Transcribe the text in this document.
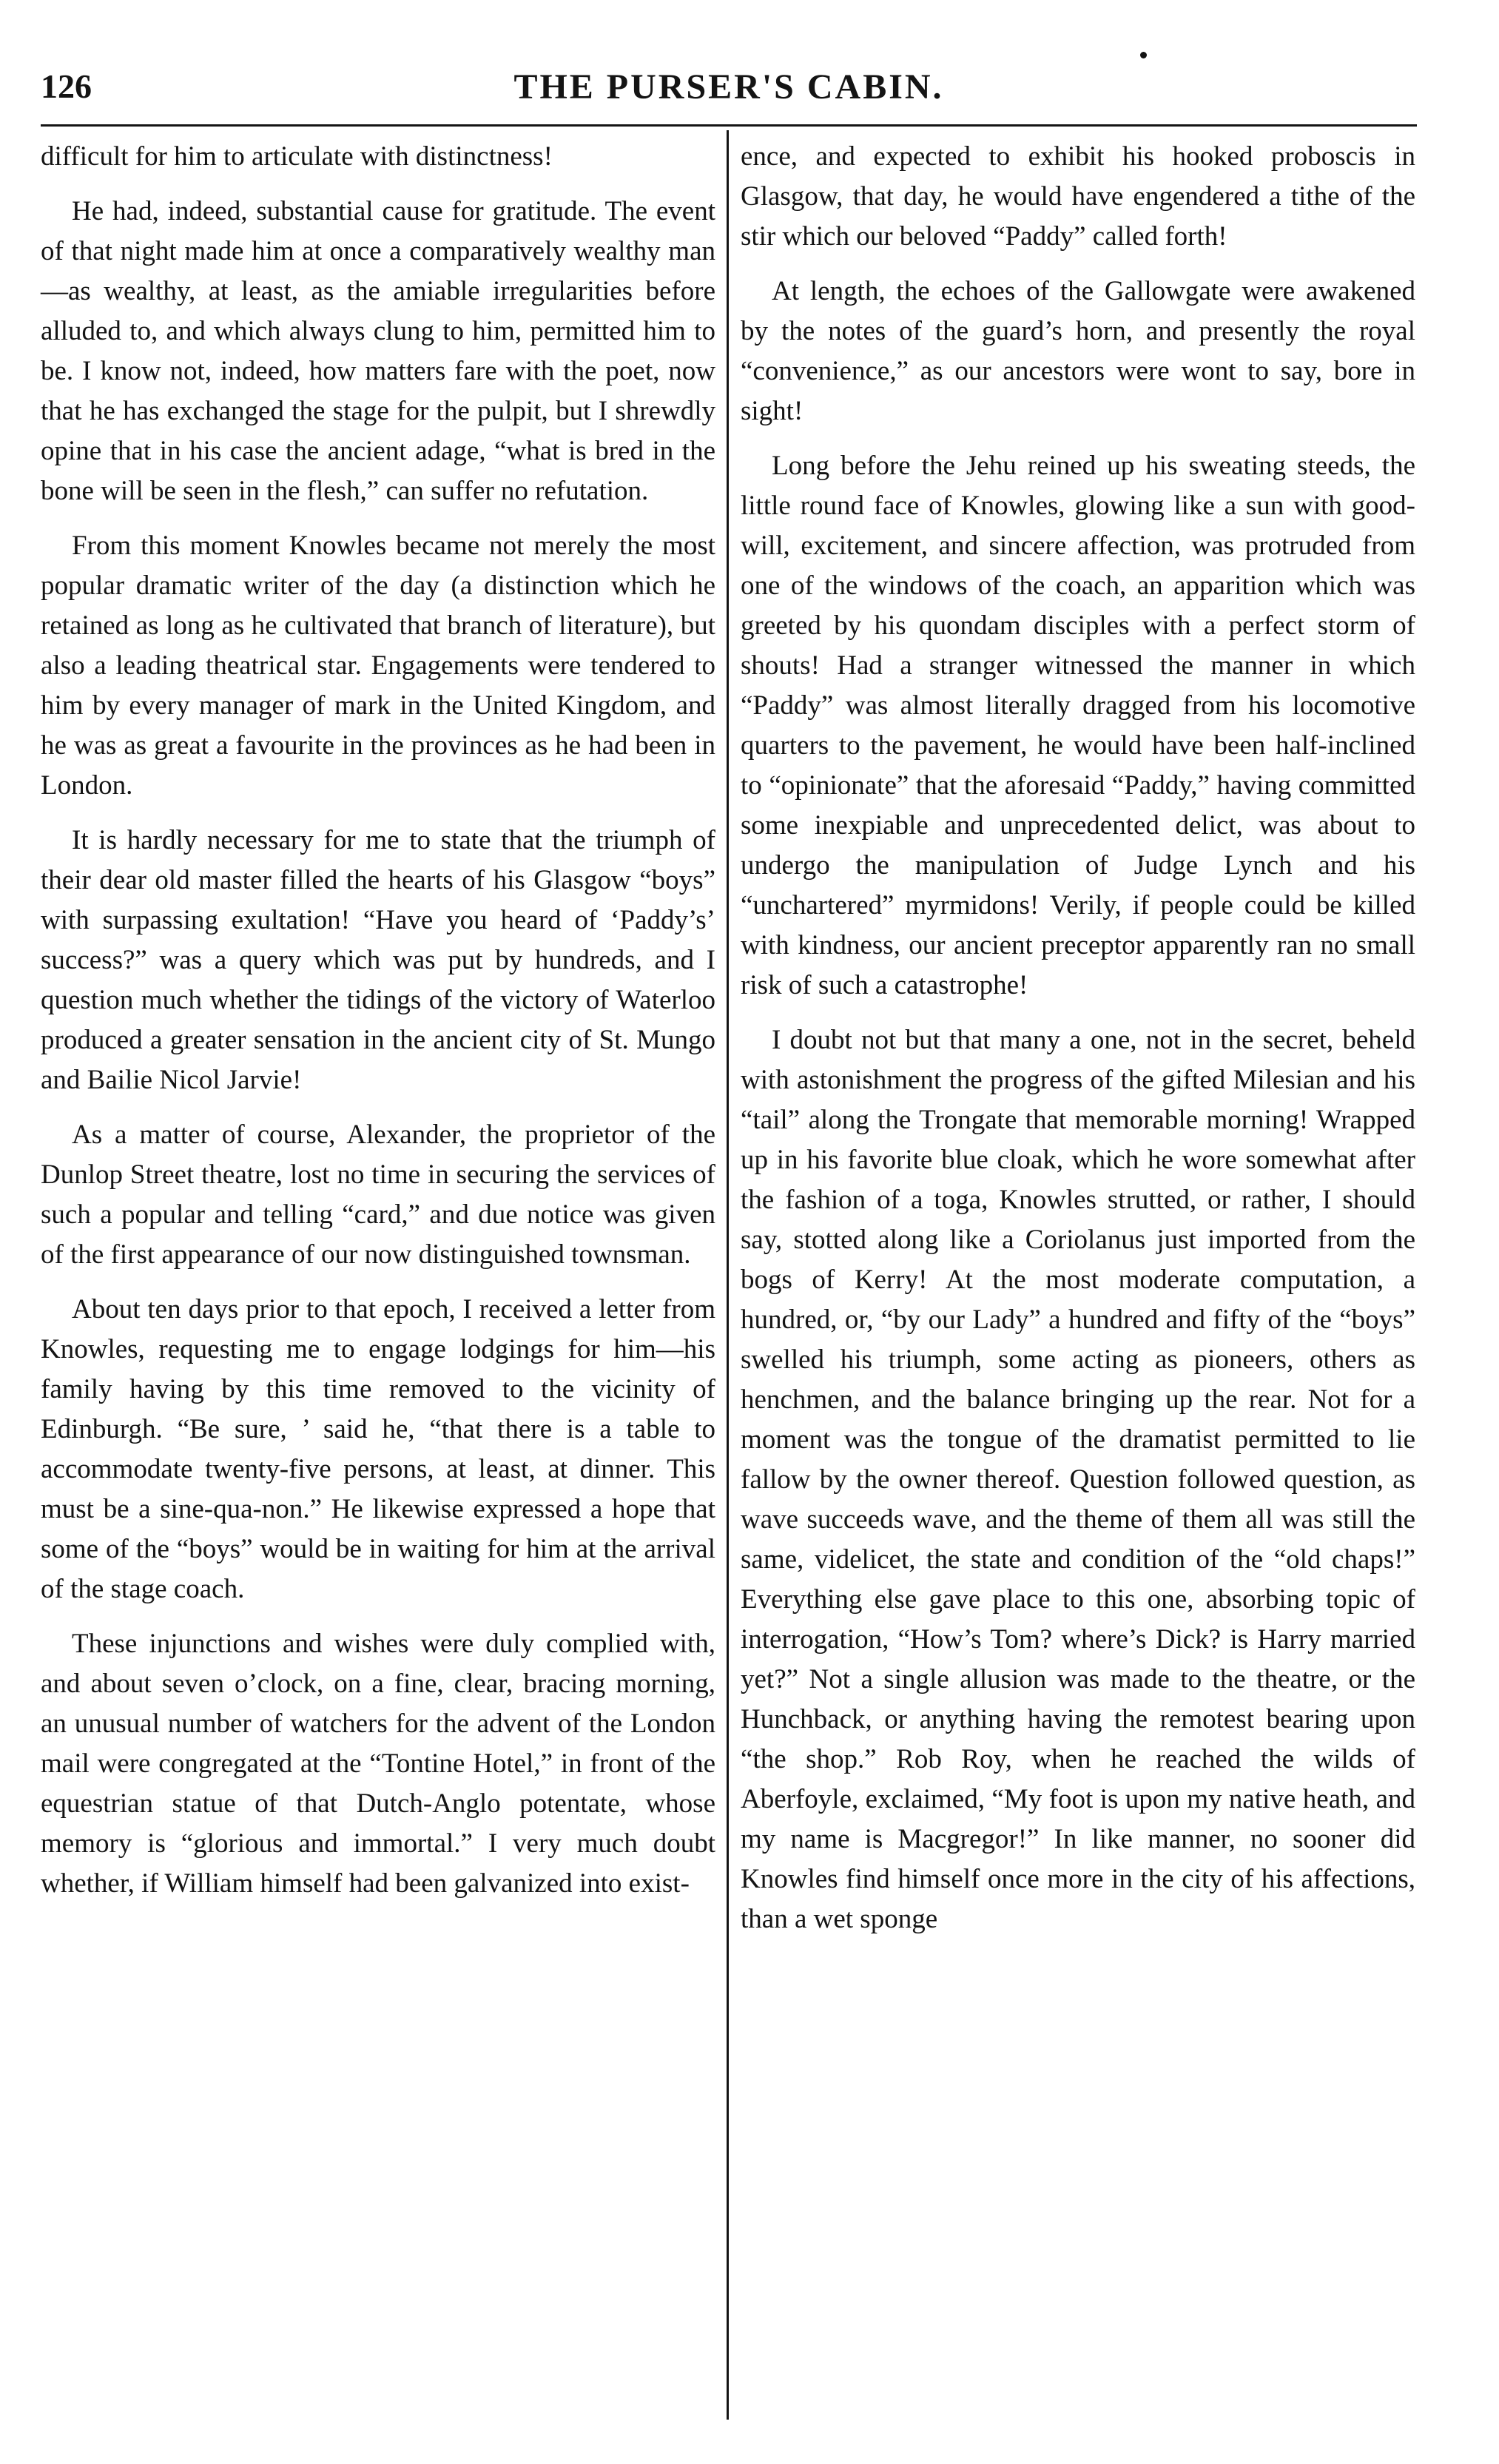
126	THE PURSER'S CABIN.

difficult for him to articulate with distinctness!

He had, indeed, substantial cause for gratitude. The event of that night made him at once a comparatively wealthy man—as wealthy, at least, as the amiable irregularities before alluded to, and which always clung to him, permitted him to be. I know not, indeed, how matters fare with the poet, now that he has exchanged the stage for the pulpit, but I shrewdly opine that in his case the ancient adage, “what is bred in the bone will be seen in the flesh,” can suffer no refutation.

From this moment Knowles became not merely the most popular dramatic writer of the day (a distinction which he retained as long as he cultivated that branch of literature), but also a leading theatrical star. Engagements were tendered to him by every manager of mark in the United Kingdom, and he was as great a favourite in the provinces as he had been in London.

It is hardly necessary for me to state that the triumph of their dear old master filled the hearts of his Glasgow “boys” with surpassing exultation! “Have you heard of ‘Paddy’s’ success?” was a query which was put by hundreds, and I question much whether the tidings of the victory of Waterloo produced a greater sensation in the ancient city of St. Mungo and Bailie Nicol Jarvie!

As a matter of course, Alexander, the proprietor of the Dunlop Street theatre, lost no time in securing the services of such a popular and telling “card,” and due notice was given of the first appearance of our now distinguished townsman.

About ten days prior to that epoch, I received a letter from Knowles, requesting me to engage lodgings for him—his family having by this time removed to the vicinity of Edinburgh. “Be sure, ’ said he, “that there is a table to accommodate twenty-five persons, at least, at dinner. This must be a sine-qua-non.” He likewise expressed a hope that some of the “boys” would be in waiting for him at the arrival of the stage coach.

These injunctions and wishes were duly complied with, and about seven o’clock, on a fine, clear, bracing morning, an unusual number of watchers for the advent of the London mail were congregated at the “Tontine Hotel,” in front of the equestrian statue of that Dutch-Anglo potentate, whose memory is “glorious and immortal.” I very much doubt whether, if William himself had been galvanized into exist-

ence, and expected to exhibit his hooked proboscis in Glasgow, that day, he would have engendered a tithe of the stir which our beloved “Paddy” called forth!

At length, the echoes of the Gallowgate were awakened by the notes of the guard’s horn, and presently the royal “convenience,” as our ancestors were wont to say, bore in sight!

Long before the Jehu reined up his sweating steeds, the little round face of Knowles, glowing like a sun with good-will, excitement, and sincere affection, was protruded from one of the windows of the coach, an apparition which was greeted by his quondam disciples with a perfect storm of shouts! Had a stranger witnessed the manner in which “Paddy” was almost literally dragged from his locomotive quarters to the pavement, he would have been half-inclined to “opinionate” that the aforesaid “Paddy,” having committed some inexpiable and unprecedented delict, was about to undergo the manipulation of Judge Lynch and his “unchartered” myrmidons! Verily, if people could be killed with kindness, our ancient preceptor apparently ran no small risk of such a catastrophe!

I doubt not but that many a one, not in the secret, beheld with astonishment the progress of the gifted Milesian and his “tail” along the Trongate that memorable morning! Wrapped up in his favorite blue cloak, which he wore somewhat after the fashion of a toga, Knowles strutted, or rather, I should say, stotted along like a Coriolanus just imported from the bogs of Kerry! At the most moderate computation, a hundred, or, “by our Lady” a hundred and fifty of the “boys” swelled his triumph, some acting as pioneers, others as henchmen, and the balance bringing up the rear. Not for a moment was the tongue of the dramatist permitted to lie fallow by the owner thereof. Question followed question, as wave succeeds wave, and the theme of them all was still the same, videlicet, the state and condition of the “old chaps!” Everything else gave place to this one, absorbing topic of interrogation, “How’s Tom? where’s Dick? is Harry married yet?” Not a single allusion was made to the theatre, or the Hunchback, or anything having the remotest bearing upon “the shop.” Rob Roy, when he reached the wilds of Aberfoyle, exclaimed, “My foot is upon my native heath, and my name is Macgregor!” In like manner, no sooner did Knowles find himself once more in the city of his affections, than a wet sponge
